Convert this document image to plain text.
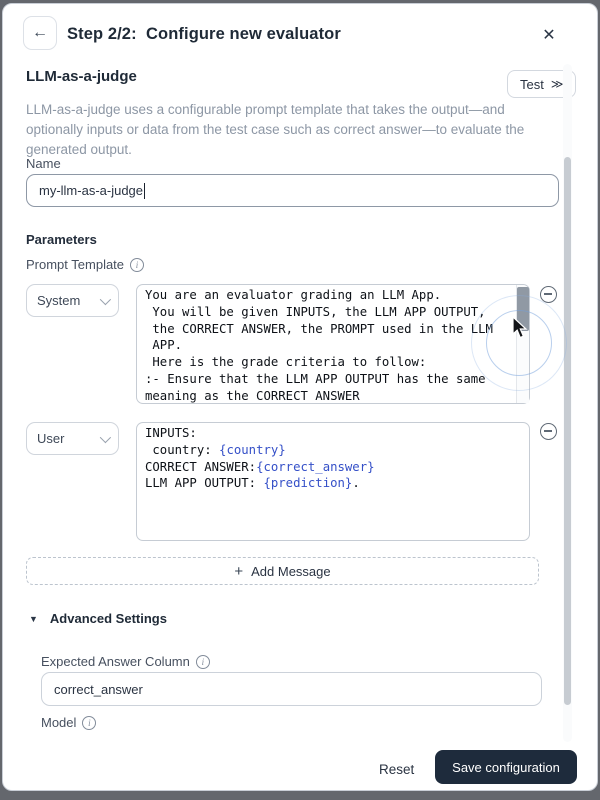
← Step 2/2:  Configure new evaluator	✕
LLM-as-a-judge	Test ≫

LLM-as-a-judge uses a configurable prompt template that takes the output—and optionally inputs or data from the test case such as correct answer—to evaluate the generated output.

Name
my-llm-as-a-judge
Parameters
Prompt Template	i
System	You are an evaluator grading an LLM App.
You will be given INPUTS, the LLM APP OUTPUT,
the CORRECT ANSWER, the PROMPT used in the LLM
APP.
Here is the grade criteria to follow:
:- Ensure that the LLM APP OUTPUT has the same
meaning as the CORRECT ANSWER
User	INPUTS:
country: {country}
CORRECT ANSWER:{correct_answer}
LLM APP OUTPUT: {prediction}.
+ Add Message
▼ Advanced Settings
Expected Answer Column	i
correct_answer
Model	i
Reset	Save configuration
